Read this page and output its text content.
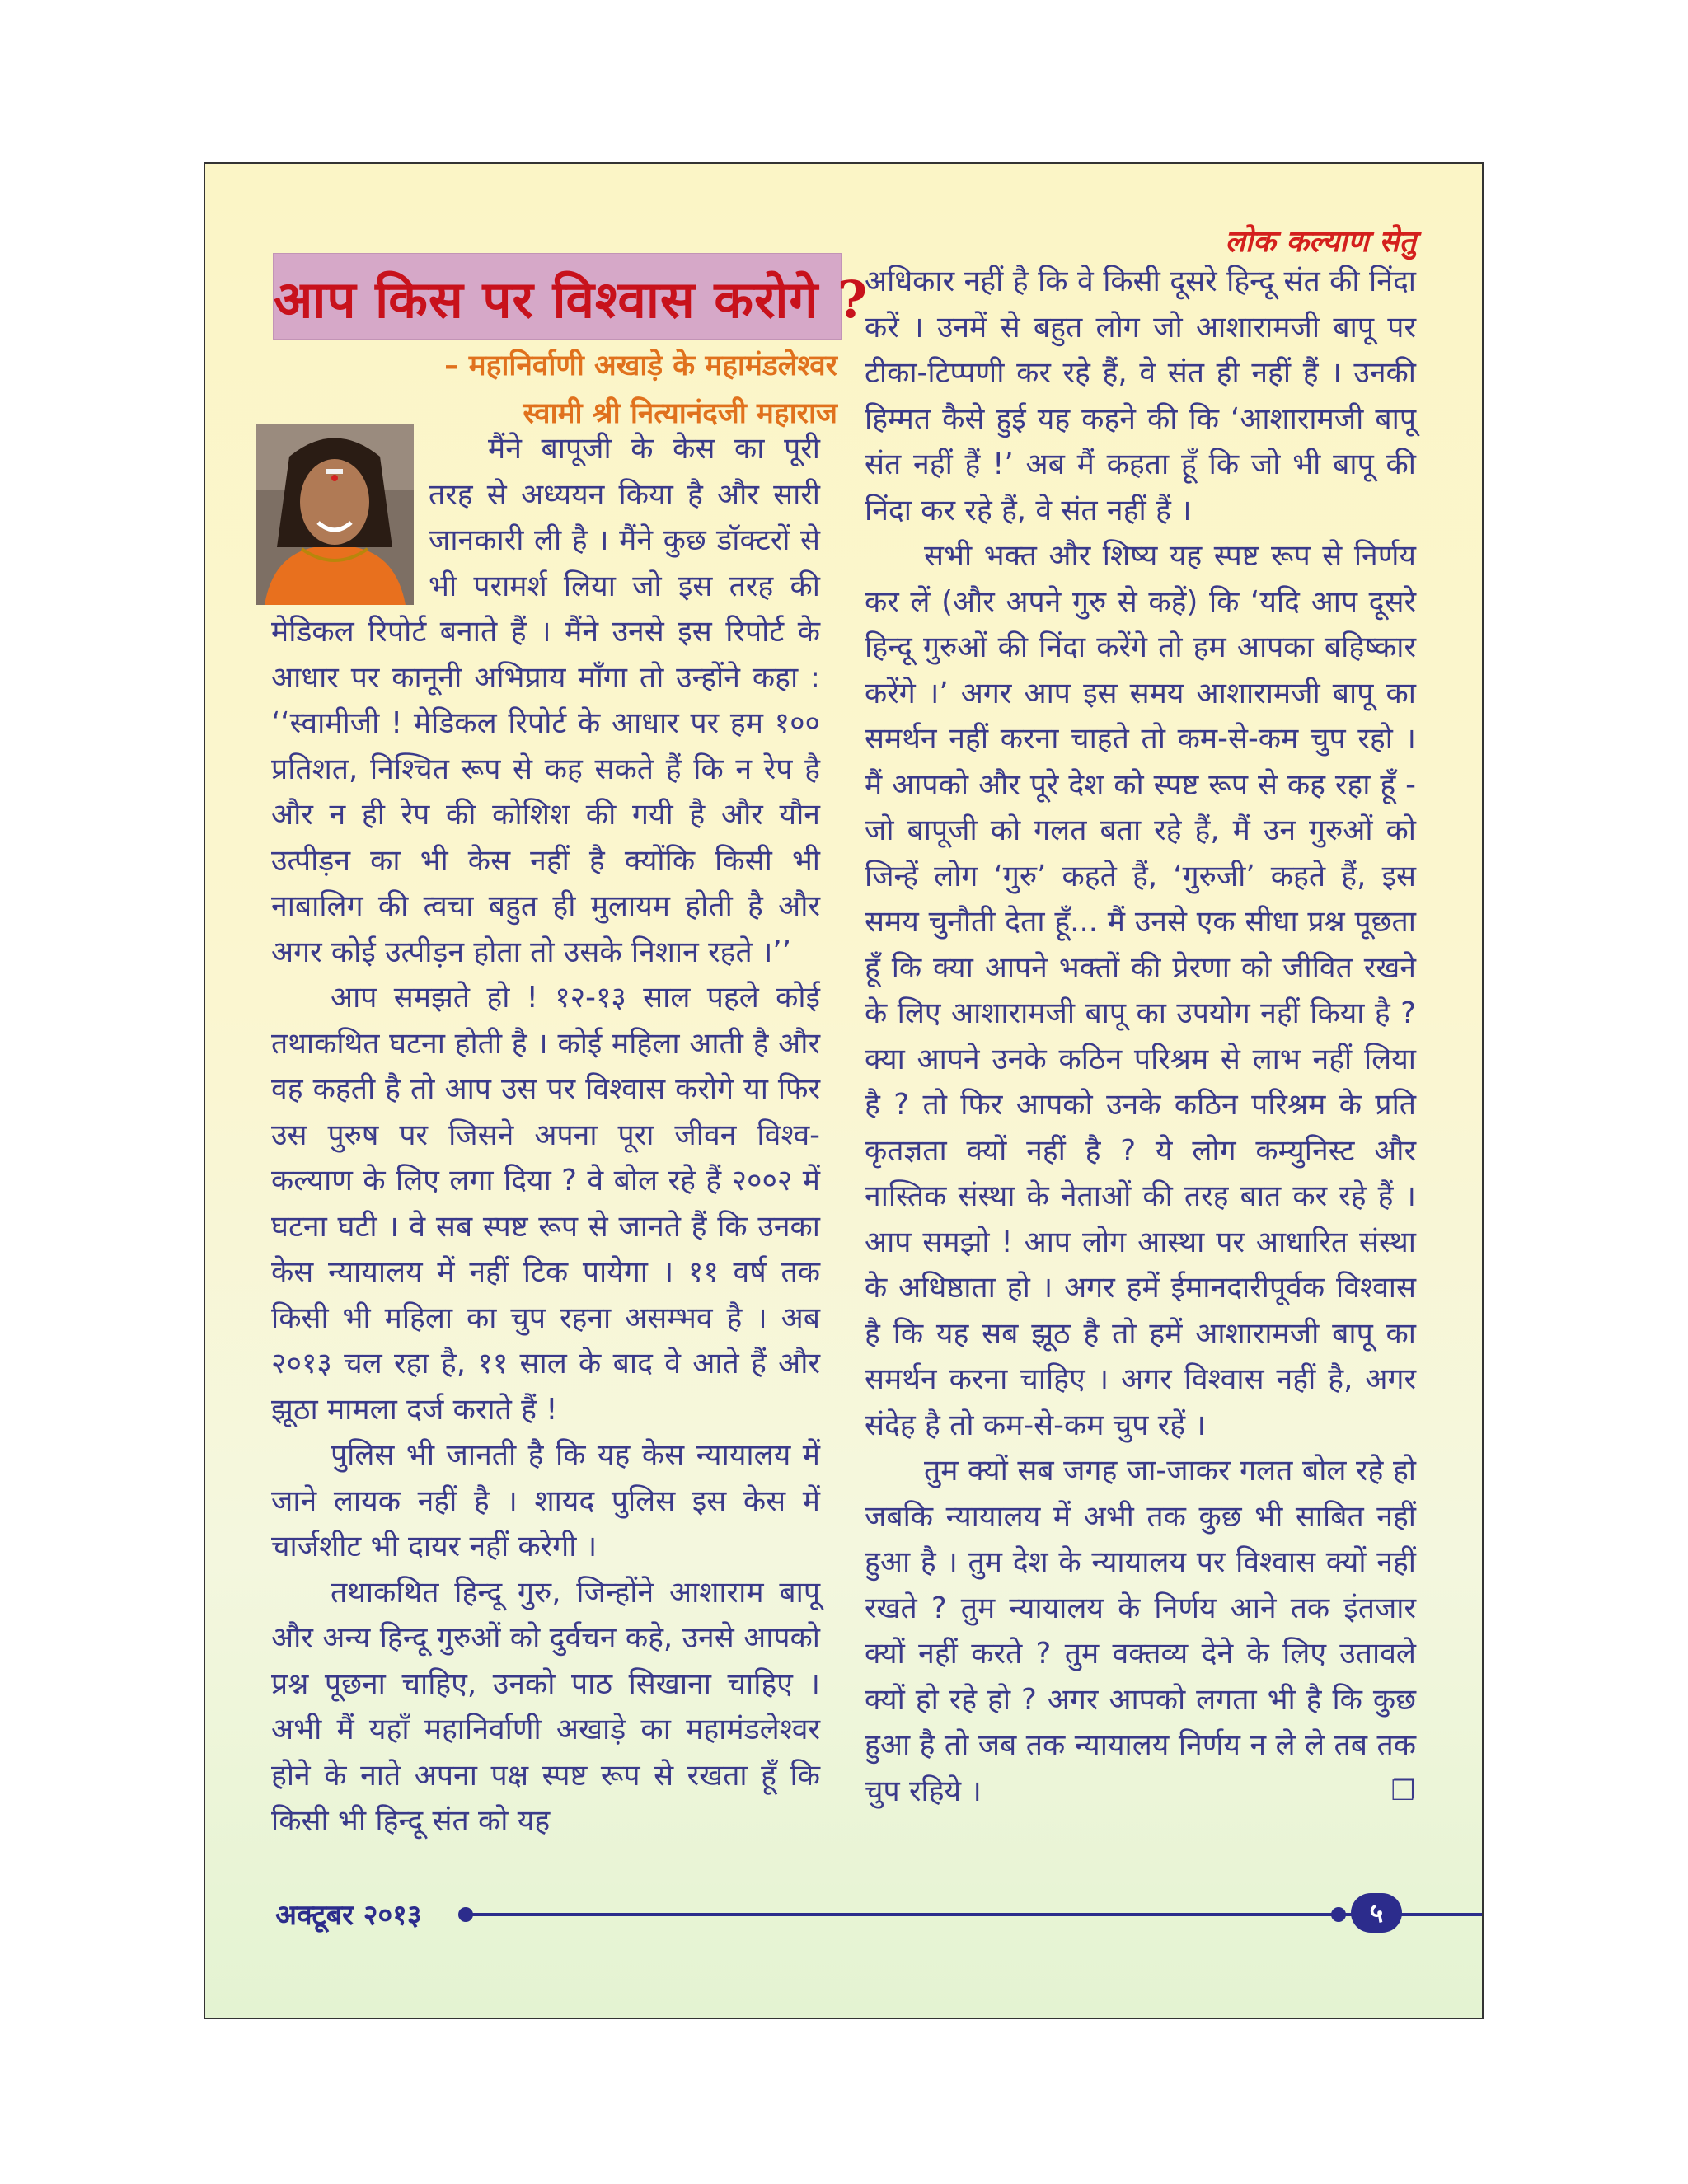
लोक कल्याण सेतु
आप किस पर विश्वास करोगे ?
– महानिर्वाणी अखाड़े के महामंडलेश्वर
स्वामी श्री नित्यानंदजी महाराज

मैंने बापूजी के केस का पूरी तरह से अध्ययन किया है और सारी जानकारी ली है । मैंने कुछ डॉक्टरों से भी परामर्श लिया जो इस तरह की मेडिकल रिपोर्ट बनाते हैं । मैंने उनसे इस रिपोर्ट के आधार पर कानूनी अभिप्राय माँगा तो उन्होंने कहा : ‘‘स्वामीजी ! मेडिकल रिपोर्ट के आधार पर हम १०० प्रतिशत, निश्चित रूप से कह सकते हैं कि न रेप है और न ही रेप की कोशिश की गयी है और यौन उत्पीड़न का भी केस नहीं है क्योंकि किसी भी नाबालिग की त्वचा बहुत ही मुलायम होती है और अगर कोई उत्पीड़न होता तो उसके निशान रहते ।’’

आप समझते हो ! १२-१३ साल पहले कोई तथाकथित घटना होती है । कोई महिला आती है और वह कहती है तो आप उस पर विश्वास करोगे या फिर उस पुरुष पर जिसने अपना पूरा जीवन विश्व-कल्याण के लिए लगा दिया ? वे बोल रहे हैं २००२ में घटना घटी । वे सब स्पष्ट रूप से जानते हैं कि उनका केस न्यायालय में नहीं टिक पायेगा । ११ वर्ष तक किसी भी महिला का चुप रहना असम्भव है । अब २०१३ चल रहा है, ११ साल के बाद वे आते हैं और झूठा मामला दर्ज कराते हैं !

पुलिस भी जानती है कि यह केस न्यायालय में जाने लायक नहीं है । शायद पुलिस इस केस में चार्जशीट भी दायर नहीं करेगी ।

तथाकथित हिन्दू गुरु, जिन्होंने आशाराम बापू और अन्य हिन्दू गुरुओं को दुर्वचन कहे, उनसे आपको प्रश्न पूछना चाहिए, उनको पाठ सिखाना चाहिए । अभी मैं यहाँ महानिर्वाणी अखाड़े का महामंडलेश्वर होने के नाते अपना पक्ष स्पष्ट रूप से रखता हूँ कि किसी भी हिन्दू संत को यह

अधिकार नहीं है कि वे किसी दूसरे हिन्दू संत की निंदा करें । उनमें से बहुत लोग जो आशारामजी बापू पर टीका-टिप्पणी कर रहे हैं, वे संत ही नहीं हैं । उनकी हिम्मत कैसे हुई यह कहने की कि ‘आशारामजी बापू संत नहीं हैं !’ अब मैं कहता हूँ कि जो भी बापू की निंदा कर रहे हैं, वे संत नहीं हैं ।

सभी भक्त और शिष्य यह स्पष्ट रूप से निर्णय कर लें (और अपने गुरु से कहें) कि ‘यदि आप दूसरे हिन्दू गुरुओं की निंदा करेंगे तो हम आपका बहिष्कार करेंगे ।’ अगर आप इस समय आशारामजी बापू का समर्थन नहीं करना चाहते तो कम-से-कम चुप रहो । मैं आपको और पूरे देश को स्पष्ट रूप से कह रहा हूँ - जो बापूजी को गलत बता रहे हैं, मैं उन गुरुओं को जिन्हें लोग ‘गुरु’ कहते हैं, ‘गुरुजी’ कहते हैं, इस समय चुनौती देता हूँ... मैं उनसे एक सीधा प्रश्न पूछता हूँ कि क्या आपने भक्तों की प्रेरणा को जीवित रखने के लिए आशारामजी बापू का उपयोग नहीं किया है ? क्या आपने उनके कठिन परिश्रम से लाभ नहीं लिया है ? तो फिर आपको उनके कठिन परिश्रम के प्रति कृतज्ञता क्यों नहीं है ? ये लोग कम्युनिस्ट और नास्तिक संस्था के नेताओं की तरह बात कर रहे हैं । आप समझो ! आप लोग आस्था पर आधारित संस्था के अधिष्ठाता हो । अगर हमें ईमानदारीपूर्वक विश्वास है कि यह सब झूठ है तो हमें आशारामजी बापू का समर्थन करना चाहिए । अगर विश्वास नहीं है, अगर संदेह है तो कम-से-कम चुप रहें ।

तुम क्यों सब जगह जा-जाकर गलत बोल रहे हो जबकि न्यायालय में अभी तक कुछ भी साबित नहीं हुआ है । तुम देश के न्यायालय पर विश्वास क्यों नहीं रखते ? तुम न्यायालय के निर्णय आने तक इंतजार क्यों नहीं करते ? तुम वक्तव्य देने के लिए उतावले क्यों हो रहे हो ? अगर आपको लगता भी है कि कुछ हुआ है तो जब तक न्यायालय निर्णय न ले ले तब तक चुप रहिये ।	❐

अक्टूबर २०१३	५
